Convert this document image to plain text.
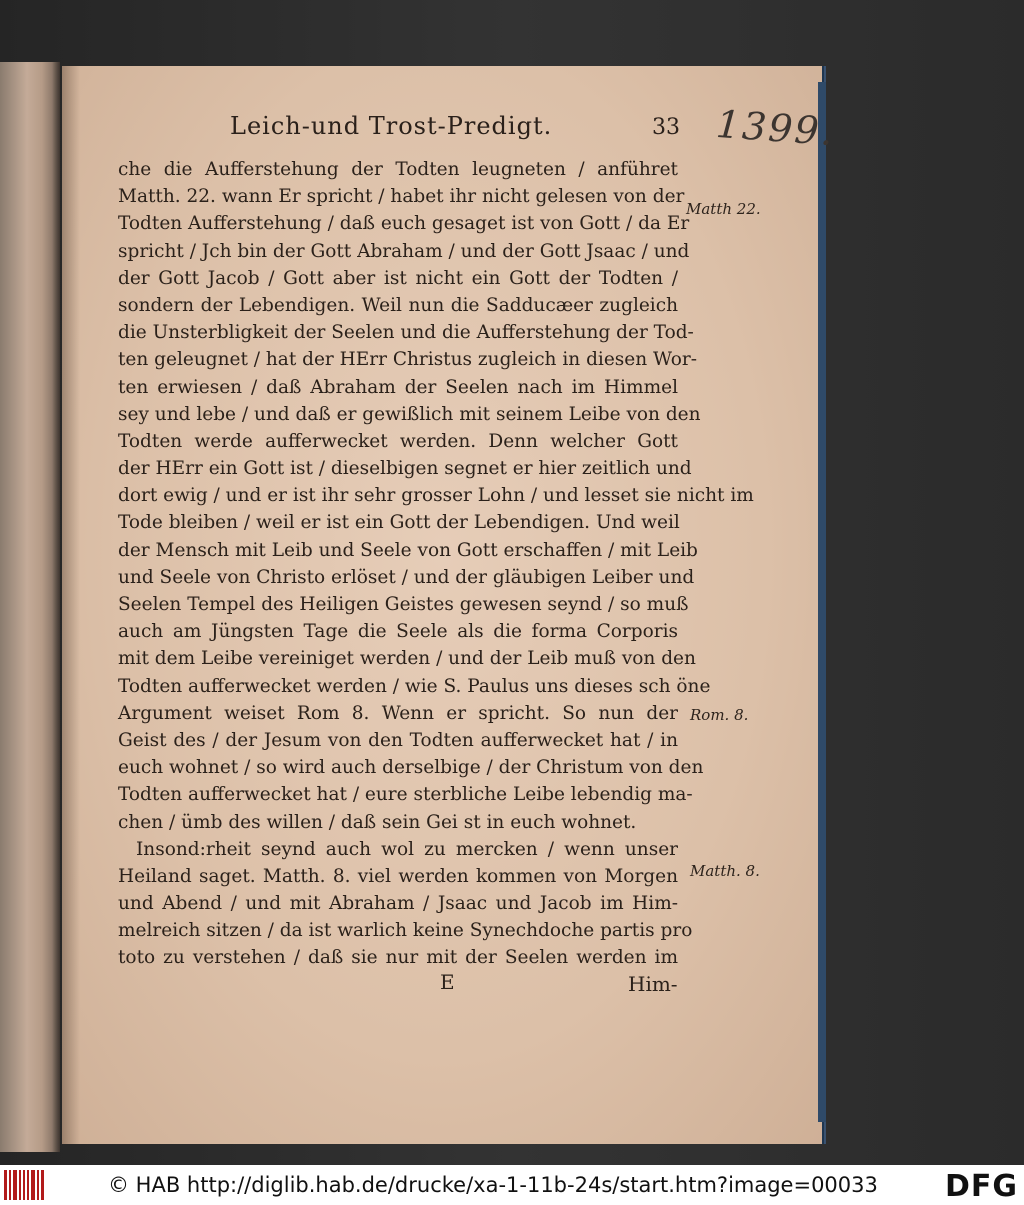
Leich-und Trost-Predigt.	33 1399.
che die Aufferstehung der Todten leugneten / anführet
Matth. 22. wann Er spricht / habet ihr nicht gelesen von der
Todten Aufferstehung / daß euch gesaget ist von Gott / da Er
spricht / Jch bin der Gott Abraham / und der Gott Jsaac / und
der Gott Jacob / Gott aber ist nicht ein Gott der Todten /
sondern der Lebendigen. Weil nun die Sadducæer zugleich
die Unsterbligkeit der Seelen und die Aufferstehung der Tod-
ten geleugnet / hat der HErr Christus zugleich in diesen Wor-
ten erwiesen / daß Abraham der Seelen nach im Himmel
sey und lebe / und daß er gewißlich mit seinem Leibe von den
Todten werde aufferwecket werden. Denn welcher Gott
der HErr ein Gott ist / dieselbigen segnet er hier zeitlich und
dort ewig / und er ist ihr sehr grosser Lohn / und lesset sie nicht im
Tode bleiben / weil er ist ein Gott der Lebendigen. Und weil
der Mensch mit Leib und Seele von Gott erschaffen / mit Leib
und Seele von Christo erlöset / und der gläubigen Leiber und
Seelen Tempel des Heiligen Geistes gewesen seynd / so muß
auch am Jüngsten Tage die Seele als die forma Corporis
mit dem Leibe vereiniget werden / und der Leib muß von den
Todten aufferwecket werden / wie S. Paulus uns dieses sch öne
Argument weiset Rom 8. Wenn er spricht. So nun der
Geist des / der Jesum von den Todten aufferwecket hat / in
euch wohnet / so wird auch derselbige / der Christum von den
Todten aufferwecket hat / eure sterbliche Leibe lebendig ma-
chen / ümb des willen / daß sein Gei st in euch wohnet.
Insond:rheit seynd auch wol zu mercken / wenn unser
Heiland saget. Matth. 8. viel werden kommen von Morgen
und Abend / und mit Abraham / Jsaac und Jacob im Him-
melreich sitzen / da ist warlich keine Synechdoche partis pro
toto zu verstehen / daß sie nur mit der Seelen werden im
Matth 22.
Rom. 8.
Matth. 8.
E	Him-
© HAB http://diglib.hab.de/drucke/xa-1-11b-24s/start.htm?image=00033 DFG
